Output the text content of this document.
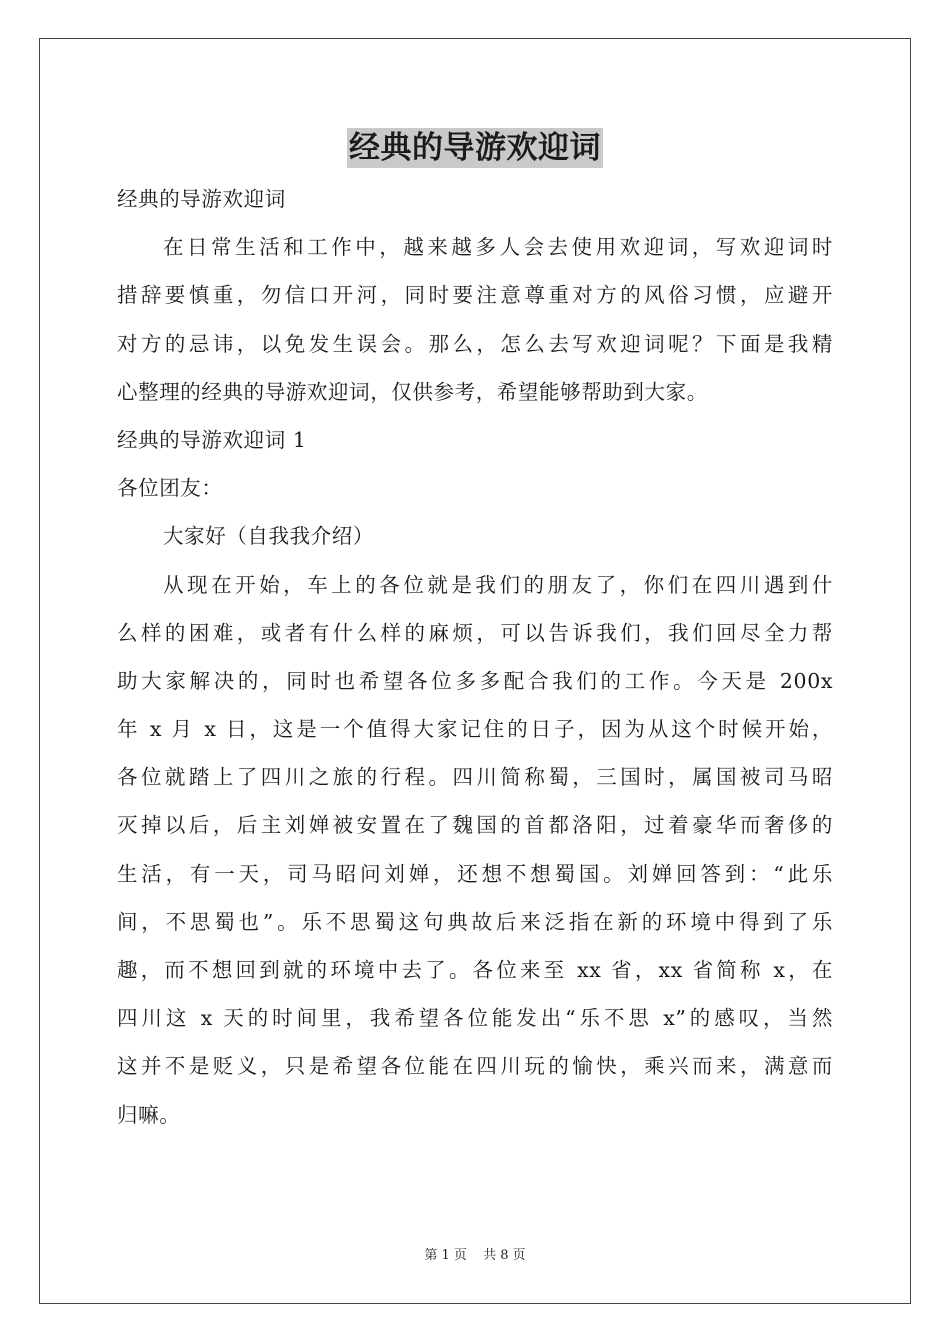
经典的导游欢迎词

经典的导游欢迎词

在日常生活和工作中，越来越多人会去使用欢迎词，写欢迎词时

措辞要慎重，勿信口开河，同时要注意尊重对方的风俗习惯，应避开

对方的忌讳，以免发生误会。那么，怎么去写欢迎词呢？下面是我精

心整理的经典的导游欢迎词，仅供参考，希望能够帮助到大家。

经典的导游欢迎词 1

各位团友：

大家好（自我我介绍）

从现在开始，车上的各位就是我们的朋友了，你们在四川遇到什

么样的困难，或者有什么样的麻烦，可以告诉我们，我们回尽全力帮

助大家解决的，同时也希望各位多多配合我们的工作。今天是 200x

年 x 月 x 日，这是一个值得大家记住的日子，因为从这个时候开始，

各位就踏上了四川之旅的行程。四川简称蜀，三国时，属国被司马昭

灭掉以后，后主刘婵被安置在了魏国的首都洛阳，过着豪华而奢侈的

生活，有一天，司马昭问刘婵，还想不想蜀国。刘婵回答到：“此乐

间，不思蜀也”。乐不思蜀这句典故后来泛指在新的环境中得到了乐

趣，而不想回到就的环境中去了。各位来至 xx 省，xx 省简称 x，在

四川这 x 天的时间里，我希望各位能发出“乐不思 x”的感叹，当然

这并不是贬义，只是希望各位能在四川玩的愉快，乘兴而来，满意而

归嘛。

第 1 页 共 8 页
